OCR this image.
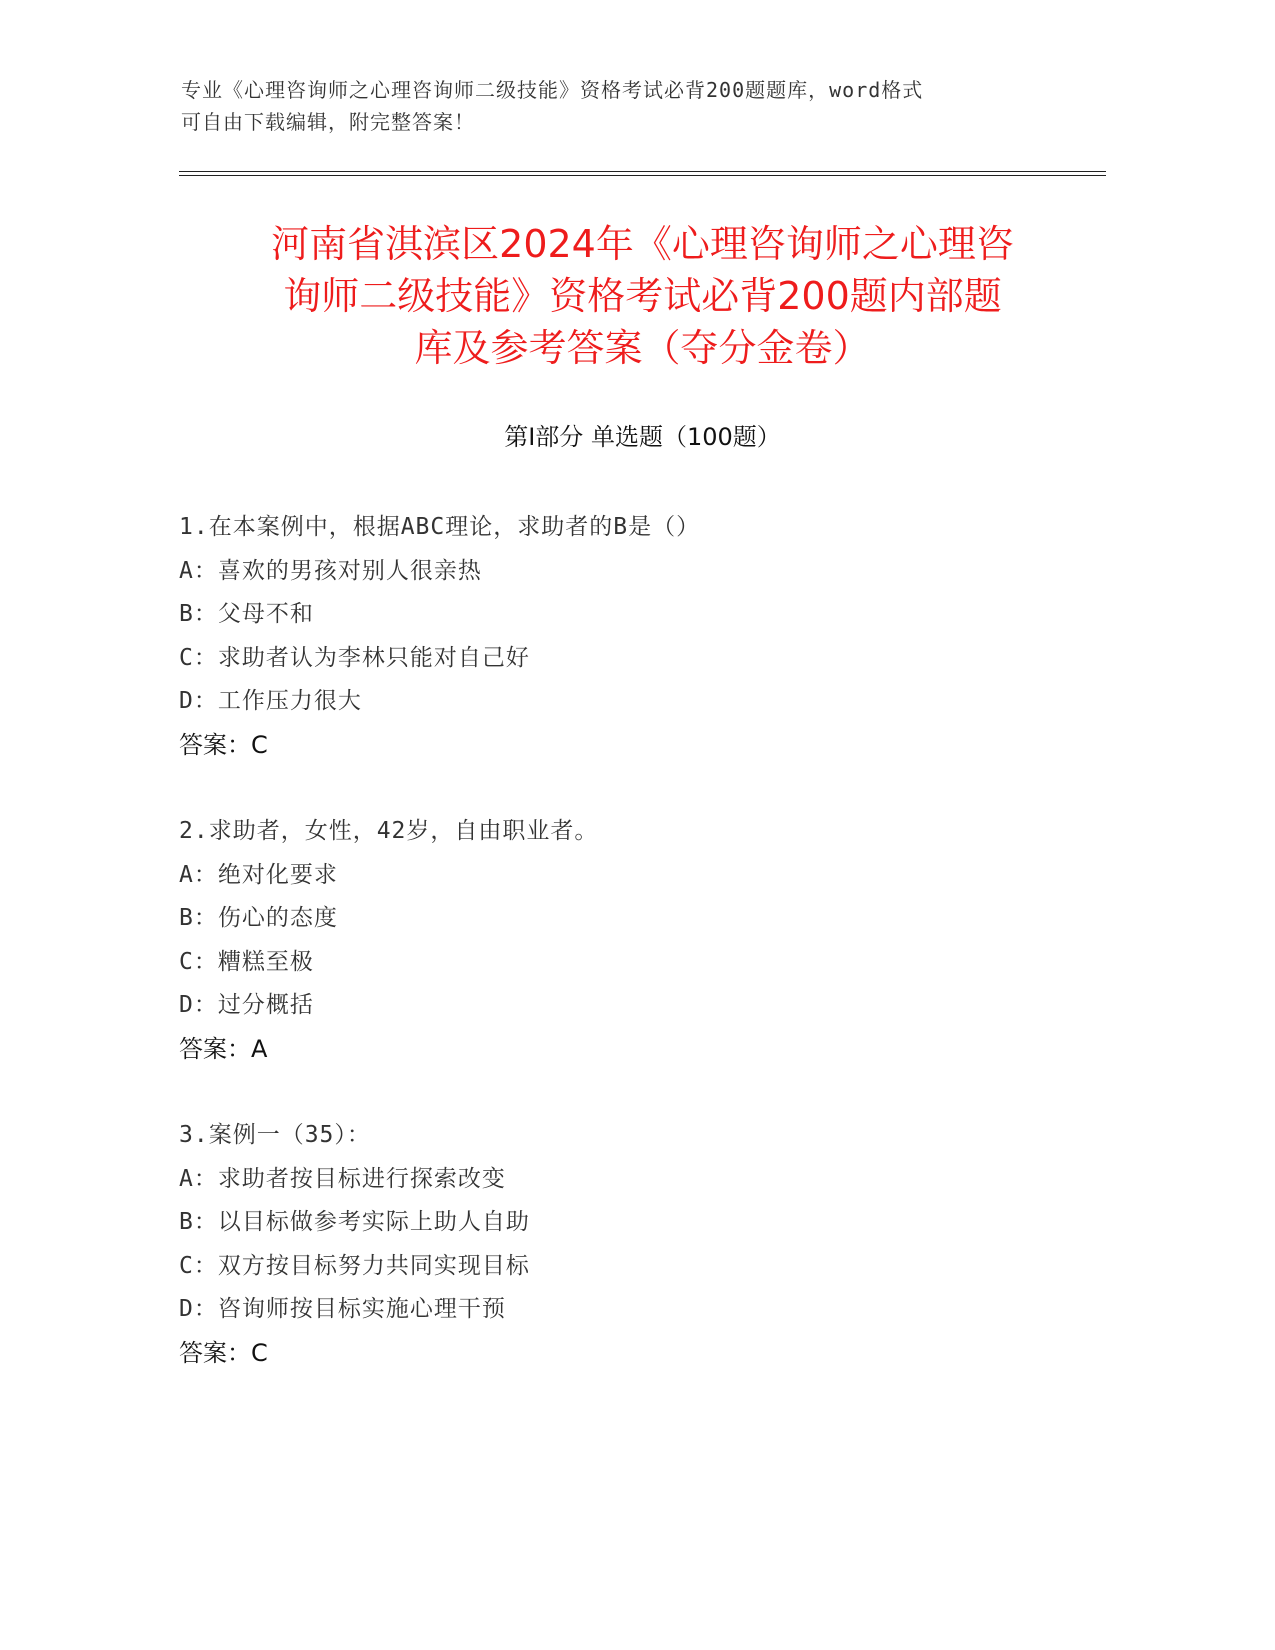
专业《心理咨询师之心理咨询师二级技能》资格考试必背200题题库，word格式
可自由下载编辑，附完整答案！
河南省淇滨区2024年《心理咨询师之心理咨
询师二级技能》资格考试必背200题内部题
库及参考答案（夺分金卷）
第Ⅰ部分 单选题（100题）
1.在本案例中，根据ABC理论，求助者的B是（）
A：喜欢的男孩对别人很亲热
B：父母不和
C：求助者认为李林只能对自己好
D：工作压力很大
答案：C
2.求助者，女性，42岁，自由职业者。
A：绝对化要求
B：伤心的态度
C：糟糕至极
D：过分概括
答案：A
3.案例一（35）：
A：求助者按目标进行探索改变
B：以目标做参考实际上助人自助
C：双方按目标努力共同实现目标
D：咨询师按目标实施心理干预
答案：C
